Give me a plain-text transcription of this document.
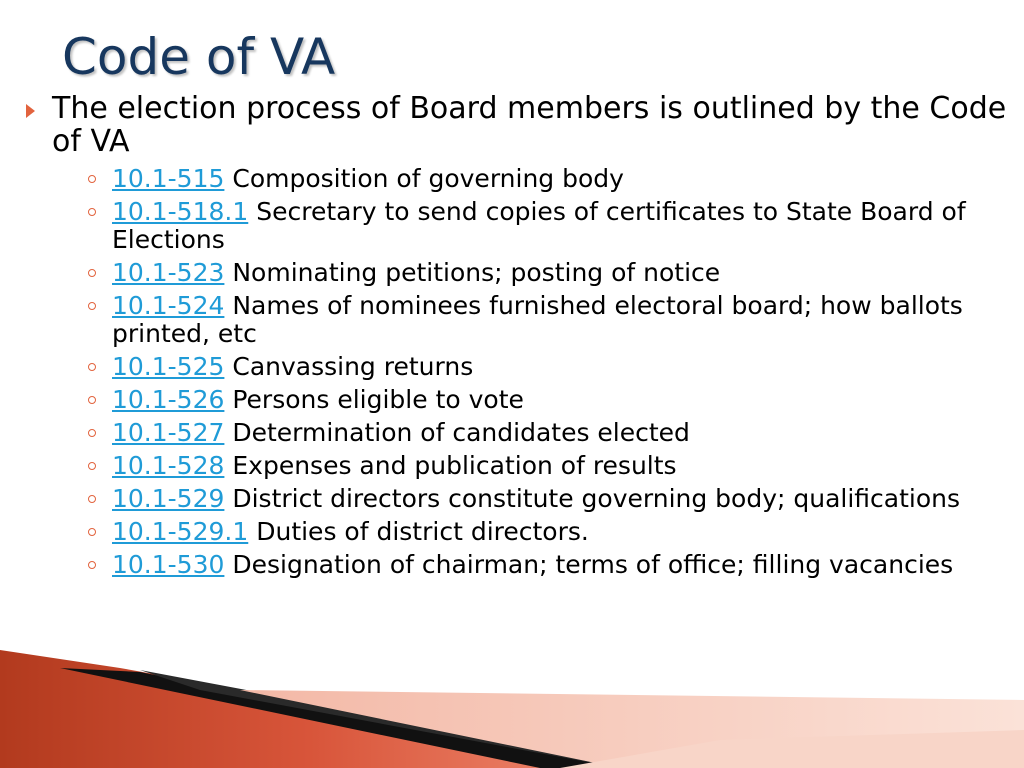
Code of VA
The election process of Board members is outlined by the Code of VA
10.1-515 Composition of governing body
10.1-518.1 Secretary to send copies of certificates to State Board of Elections
10.1-523 Nominating petitions; posting of notice
10.1-524 Names of nominees furnished electoral board; how ballots printed, etc
10.1-525 Canvassing returns
10.1-526 Persons eligible to vote
10.1-527 Determination of candidates elected
10.1-528 Expenses and publication of results
10.1-529 District directors constitute governing body; qualifications
10.1-529.1 Duties of district directors.
10.1-530 Designation of chairman; terms of office; filling vacancies
